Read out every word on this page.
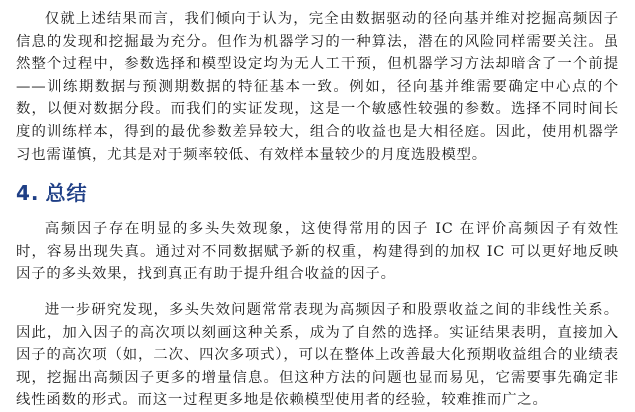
仅就上述结果而言，我们倾向于认为，完全由数据驱动的径向基并维对挖掘高频因子信息的发现和挖掘最为充分。但作为机器学习的一种算法，潜在的风险同样需要关注。虽然整个过程中，参数选择和模型设定均为无人工干预，但机器学习方法却暗含了一个前提——训练期数据与预测期数据的特征基本一致。例如，径向基并维需要确定中心点的个数，以便对数据分段。而我们的实证发现，这是一个敏感性较强的参数。选择不同时间长度的训练样本，得到的最优参数差异较大，组合的收益也是大相径庭。因此，使用机器学习也需谨慎，尤其是对于频率较低、有效样本量较少的月度选股模型。

4. 总结

高频因子存在明显的多头失效现象，这使得常用的因子 IC 在评价高频因子有效性时，容易出现失真。通过对不同数据赋予新的权重，构建得到的加权 IC 可以更好地反映因子的多头效果，找到真正有助于提升组合收益的因子。

进一步研究发现，多头失效问题常常表现为高频因子和股票收益之间的非线性关系。因此，加入因子的高次项以刻画这种关系，成为了自然的选择。实证结果表明，直接加入因子的高次项（如，二次、四次多项式），可以在整体上改善最大化预期收益组合的业绩表现，挖掘出高频因子更多的增量信息。但这种方法的问题也显而易见，它需要事先确定非线性函数的形式。而这一过程更多地是依赖模型使用者的经验，较难推而广之。
